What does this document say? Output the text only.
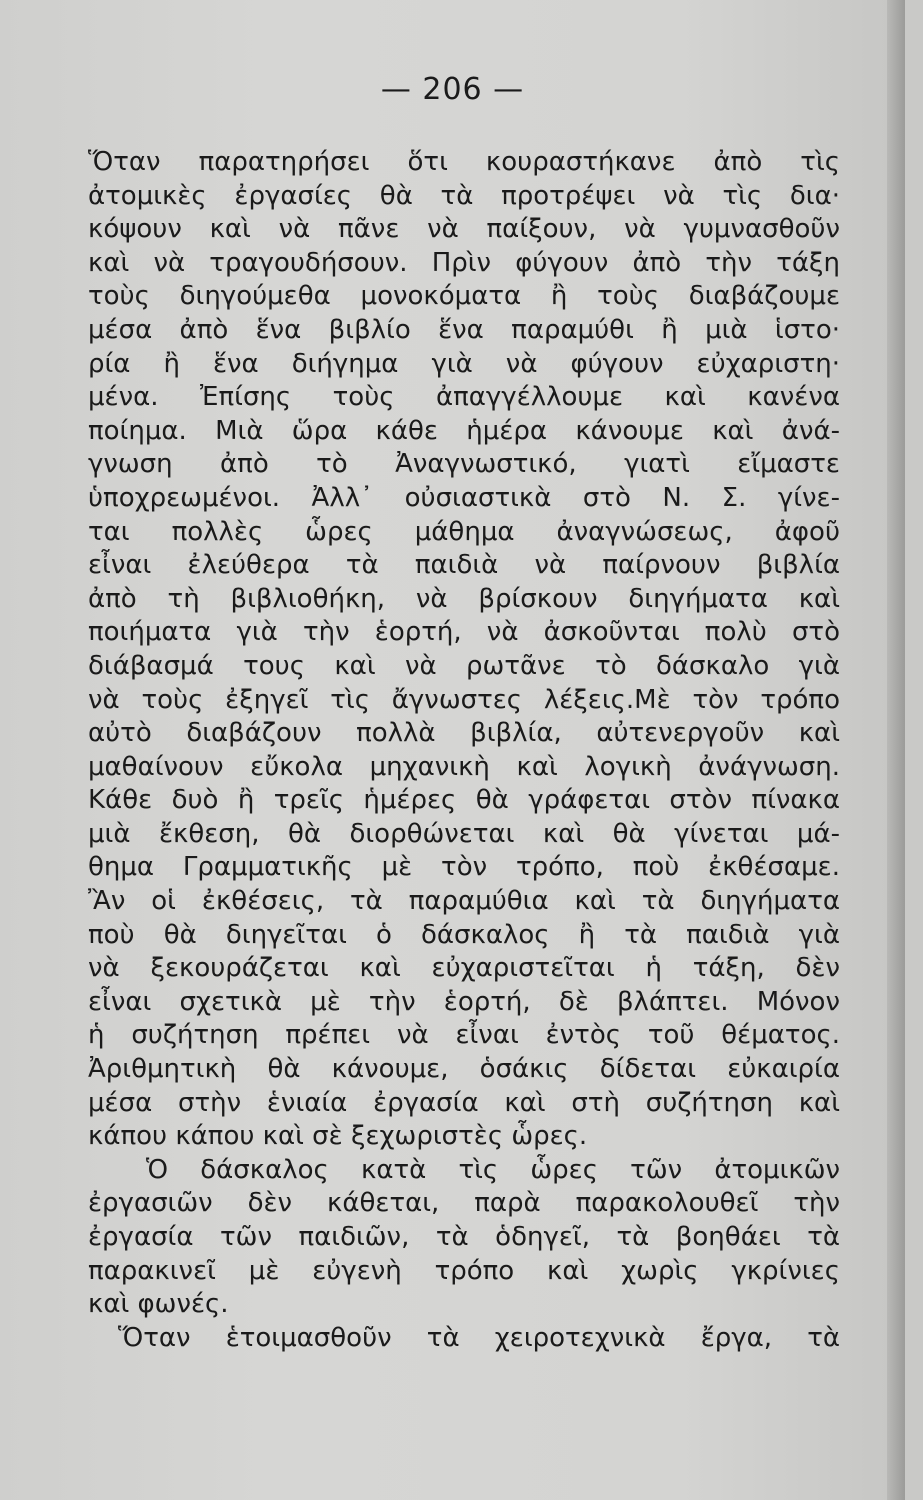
— 206 —
Ὅταν παρατηρήσει ὅτι κουραστήκανε ἀπὸ τὶς
ἀτομικὲς ἐργασίες θὰ τὰ προτρέψει νὰ τὶς δια·
κόψουν καὶ νὰ πᾶνε νὰ παίξουν, νὰ γυμνασθοῦν
καὶ νὰ τραγουδήσουν. Πρὶν φύγουν ἀπὸ τὴν τάξη
τοὺς διηγούμεθα μονοκόματα ἢ τοὺς διαβάζουμε
μέσα ἀπὸ ἕνα βιβλίο ἕνα παραμύθι ἢ μιὰ ἱστο·
ρία ἢ ἕνα διήγημα γιὰ νὰ φύγουν εὐχαριστη·
μένα. Ἐπίσης τοὺς ἀπαγγέλλουμε καὶ κανένα
ποίημα. Μιὰ ὥρα κάθε ἡμέρα κάνουμε καὶ ἀνά-
γνωση ἀπὸ τὸ Ἀναγνωστικό, γιατὶ εἴμαστε
ὑποχρεωμένοι. Ἀλλ᾽ οὐσιαστικὰ στὸ Ν. Σ. γίνε-
ται πολλὲς ὧρες μάθημα ἀναγνώσεως, ἀφοῦ
εἶναι ἐλεύθερα τὰ παιδιὰ νὰ παίρνουν βιβλία
ἀπὸ τὴ βιβλιοθήκη, νὰ βρίσκουν διηγήματα καὶ
ποιήματα γιὰ τὴν ἑορτή, νὰ ἀσκοῦνται πολὺ στὸ
διάβασμά τους καὶ νὰ ρωτᾶνε τὸ δάσκαλο γιὰ
νὰ τοὺς ἐξηγεῖ τὶς ἄγνωστες λέξεις.Μὲ τὸν τρόπο
αὐτὸ διαβάζουν πολλὰ βιβλία, αὐτενεργοῦν καὶ
μαθαίνουν εὔκολα μηχανικὴ καὶ λογικὴ ἀνάγνωση.
Κάθε δυὸ ἢ τρεῖς ἡμέρες θὰ γράφεται στὸν πίνακα
μιὰ ἔκθεση, θὰ διορθώνεται καὶ θὰ γίνεται μά-
θημα Γραμματικῆς μὲ τὸν τρόπο, ποὺ ἐκθέσαμε.
Ἂν οἱ ἐκθέσεις, τὰ παραμύθια καὶ τὰ διηγήματα
ποὺ θὰ διηγεῖται ὁ δάσκαλος ἢ τὰ παιδιὰ γιὰ
νὰ ξεκουράζεται καὶ εὐχαριστεῖται ἡ τάξη, δὲν
εἶναι σχετικὰ μὲ τὴν ἑορτή, δὲ βλάπτει. Μόνον
ἡ συζήτηση πρέπει νὰ εἶναι ἐντὸς τοῦ θέματος.
Ἀριθμητικὴ θὰ κάνουμε, ὁσάκις δίδεται εὐκαιρία
μέσα στὴν ἑνιαία ἐργασία καὶ στὴ συζήτηση καὶ
κάπου κάπου καὶ σὲ ξεχωριστὲς ὧρες.
Ὁ δάσκαλος κατὰ τὶς ὧρες τῶν ἀτομικῶν
ἐργασιῶν δὲν κάθεται, παρὰ παρακολουθεῖ τὴν
ἐργασία τῶν παιδιῶν, τὰ ὁδηγεῖ, τὰ βοηθάει τὰ
παρακινεῖ μὲ εὐγενὴ τρόπο καὶ χωρὶς γκρίνιες
καὶ φωνές.
Ὅταν ἑτοιμασθοῦν τὰ χειροτεχνικὰ ἔργα, τὰ
